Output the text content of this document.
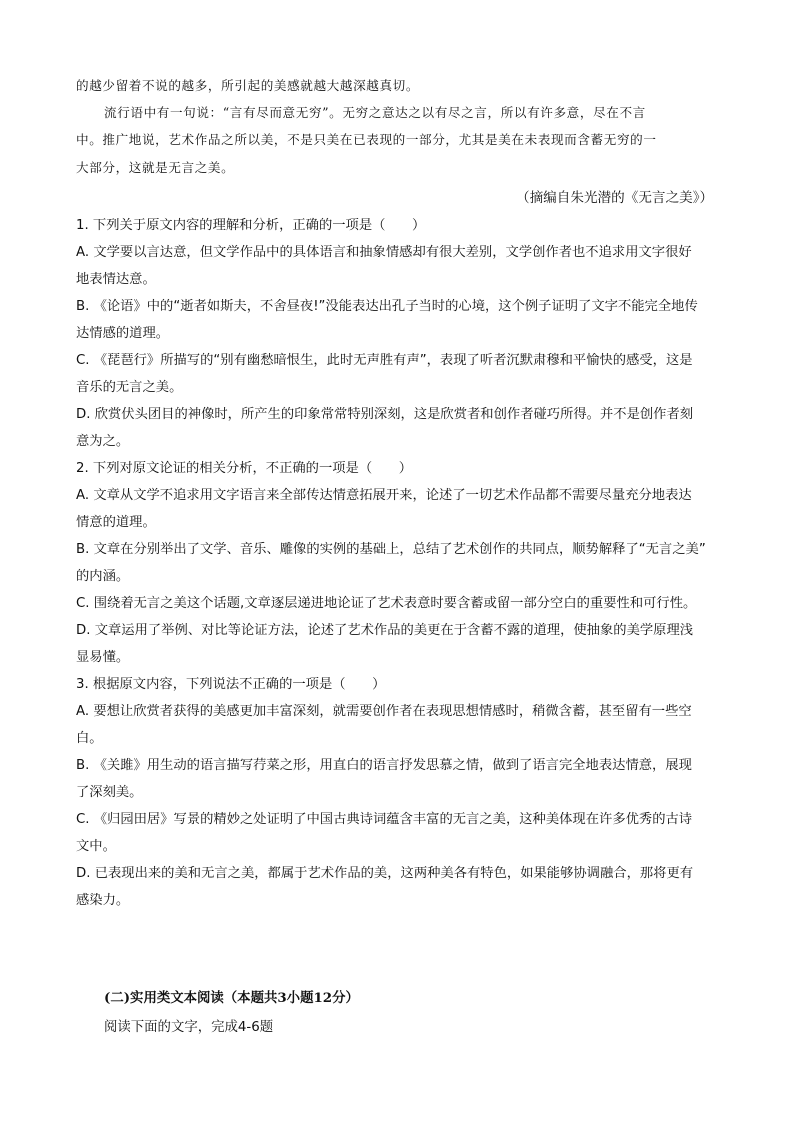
的越少留着不说的越多，所引起的美感就越大越深越真切。
流行语中有一句说：“言有尽而意无穷”。无穷之意达之以有尽之言，所以有许多意，尽在不言
中。推广地说，艺术作品之所以美，不是只美在已表现的一部分，尤其是美在未表现而含蓄无穷的一
大部分，这就是无言之美。
（摘编自朱光潜的《无言之美》）
1. 下列关于原文内容的理解和分析，正确的一项是（　　）
A. 文学要以言达意，但文学作品中的具体语言和抽象情感却有很大差别，文学创作者也不追求用文字很好
地表情达意。
B. 《论语》中的“逝者如斯夫，不舍昼夜!”没能表达出孔子当时的心境，这个例子证明了文字不能完全地传
达情感的道理。
C. 《琵琶行》所描写的“别有幽愁暗恨生，此时无声胜有声”，表现了听者沉默肃穆和平愉快的感受，这是
音乐的无言之美。
D. 欣赏伏头团目的神像时，所产生的印象常常特别深刻，这是欣赏者和创作者碰巧所得。并不是创作者刻
意为之。
2. 下列对原文论证的相关分析，不正确的一项是（　　）
A. 文章从文学不追求用文字语言来全部传达情意拓展开来，论述了一切艺术作品都不需要尽量充分地表达
情意的道理。
B. 文章在分别举出了文学、音乐、雕像的实例的基础上，总结了艺术创作的共同点，顺势解释了“无言之美”
的内涵。
C. 围绕着无言之美这个话题,文章逐层递进地论证了艺术表意时要含蓄或留一部分空白的重要性和可行性。
D. 文章运用了举例、对比等论证方法，论述了艺术作品的美更在于含蓄不露的道理，使抽象的美学原理浅
显易懂。
3. 根据原文内容，下列说法不正确的一项是（　　）
A. 要想让欣赏者获得的美感更加丰富深刻，就需要创作者在表现思想情感时，稍微含蓄，甚至留有一些空
白。
B. 《关雎》用生动的语言描写荇菜之形，用直白的语言抒发思慕之情，做到了语言完全地表达情意，展现
了深刻美。
C. 《归园田居》写景的精妙之处证明了中国古典诗词蕴含丰富的无言之美，这种美体现在许多优秀的古诗
文中。
D. 已表现出来的美和无言之美，都属于艺术作品的美，这两种美各有特色，如果能够协调融合，那将更有
感染力。
(二)实用类文本阅读（本题共3小题12分）
阅读下面的文字，完成4-6题
